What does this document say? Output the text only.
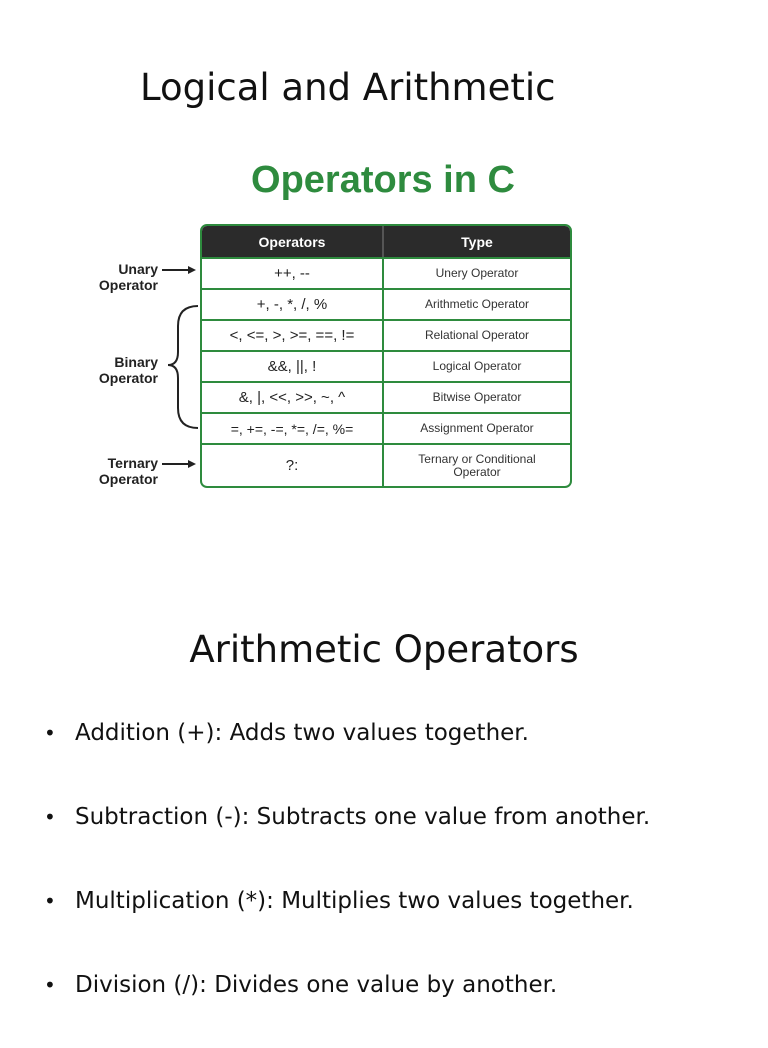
Logical and Arithmetic
Operators in C
Unary Operator
Binary Operator
Ternary Operator
Operators	Type
++, --	Unery Operator
+, -, *, /, %	Arithmetic Operator
<, <=, >, >=, ==, !=	Relational Operator
&&, ||, !	Logical Operator
&, |, <<, >>, ~, ^	Bitwise Operator
=, +=, -=, *=, /=, %=	Assignment Operator
?:	Ternary or Conditional Operator
Arithmetic Operators
• Addition (+): Adds two values together.
• Subtraction (-): Subtracts one value from another.
• Multiplication (*): Multiplies two values together.
• Division (/): Divides one value by another.
